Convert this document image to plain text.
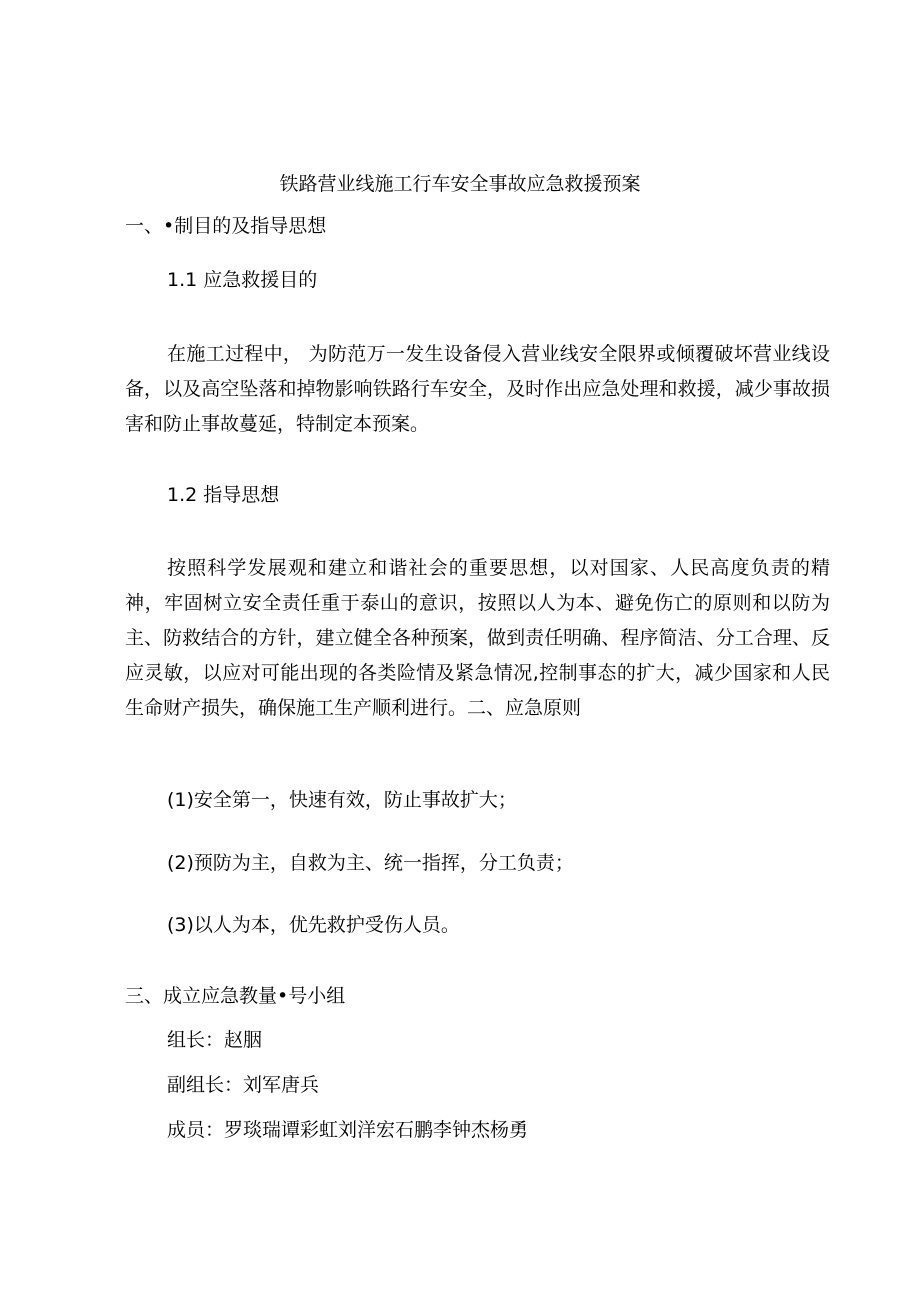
铁路营业线施工行车安全事故应急救援预案

一、•制目的及指导思想

1.1 应急救援目的

在施工过程中， 为防范万一发生设备侵入营业线安全限界或倾覆破坏营业线设备，以及高空坠落和掉物影响铁路行车安全，及时作出应急处理和救援，减少事故损害和防止事故蔓延，特制定本预案。

1.2 指导思想

按照科学发展观和建立和谐社会的重要思想，以对国家、人民高度负责的精神，牢固树立安全责任重于泰山的意识，按照以人为本、避免伤亡的原则和以防为主、防救结合的方针，建立健全各种预案，做到责任明确、程序简洁、分工合理、反应灵敏，以应对可能出现的各类险情及紧急情况,控制事态的扩大，减少国家和人民生命财产损失，确保施工生产顺利进行。二、应急原则

(1)安全第一，快速有效，防止事故扩大；

(2)预防为主，自救为主、统一指挥，分工负责；

(3)以人为本，优先救护受伤人员。

三、成立应急教量•号小组

组长：赵胭

副组长：刘军唐兵

成员：罗琰瑞谭彩虹刘洋宏石鹏李钟杰杨勇
